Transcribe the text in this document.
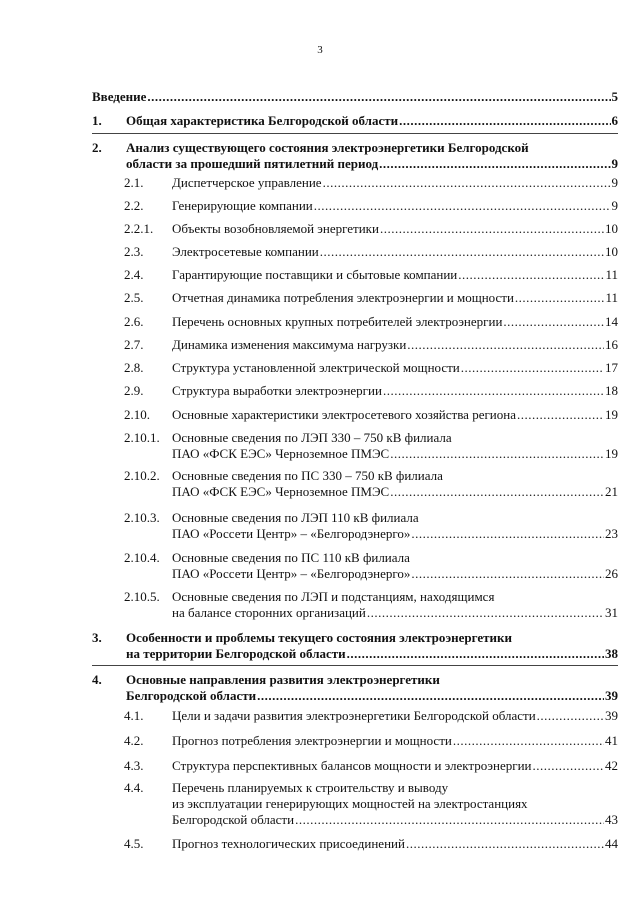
3
Введение .....	5
1. Общая характеристика Белгородской области .....	6
2. Анализ существующего состояния электроэнергетики Белгородской
области за прошедший пятилетний период .....	9
2.1. Диспетчерское управление .....	9
2.2. Генерирующие компании .....	9
2.2.1. Объекты возобновляемой энергетики .....	10
2.3. Электросетевые компании .....	10
2.4. Гарантирующие поставщики и сбытовые компании .....	11
2.5. Отчетная динамика потребления электроэнергии и мощности .....	11
2.6. Перечень основных крупных потребителей электроэнергии .....	14
2.7. Динамика изменения максимума нагрузки .....	16
2.8. Структура установленной электрической мощности .....	17
2.9. Структура выработки электроэнергии .....	18
2.10. Основные характеристики электросетевого хозяйства региона .....	19
2.10.1. Основные сведения по ЛЭП 330 – 750 кВ филиала
ПАО «ФСК ЕЭС» Черноземное ПМЭС .....	19
2.10.2. Основные сведения по ПС 330 – 750 кВ филиала
ПАО «ФСК ЕЭС» Черноземное ПМЭС .....	21
2.10.3. Основные сведения по ЛЭП 110 кВ филиала
ПАО «Россети Центр» – «Белгородэнерго» .....	23
2.10.4. Основные сведения по ПС 110 кВ филиала
ПАО «Россети Центр» – «Белгородэнерго» .....	26
2.10.5. Основные сведения по ЛЭП и подстанциям, находящимся
на балансе сторонних организаций .....	31
3. Особенности и проблемы текущего состояния электроэнергетики
на территории Белгородской области .....	38
4. Основные направления развития электроэнергетики
Белгородской области .....	39
4.1. Цели и задачи развития электроэнергетики Белгородской области .....	39
4.2. Прогноз потребления электроэнергии и мощности .....	41
4.3. Структура перспективных балансов мощности и электроэнергии .....	42
4.4. Перечень планируемых к строительству и выводу
из эксплуатации генерирующих мощностей на электростанциях
Белгородской области .....	43
4.5. Прогноз технологических присоединений .....	44
